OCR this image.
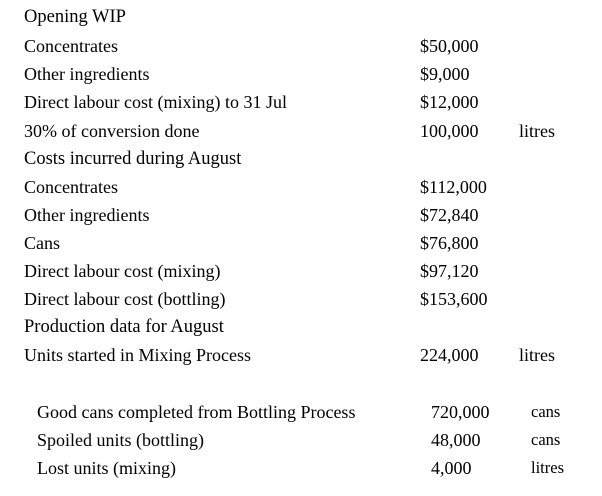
Opening WIP
Concentrates	$50,000
Other ingredients	$9,000
Direct labour cost (mixing) to 31 Jul	$12,000
30% of conversion done	100,000 litres
Costs incurred during August
Concentrates	$112,000
Other ingredients	$72,840
Cans	$76,800
Direct labour cost (mixing)	$97,120
Direct labour cost (bottling)	$153,600
Production data for August
Units started in Mixing Process	224,000 litres
Good cans completed from Bottling Process	720,000	cans
Spoiled units (bottling)	48,000	cans
Lost units (mixing)	4,000	litres
